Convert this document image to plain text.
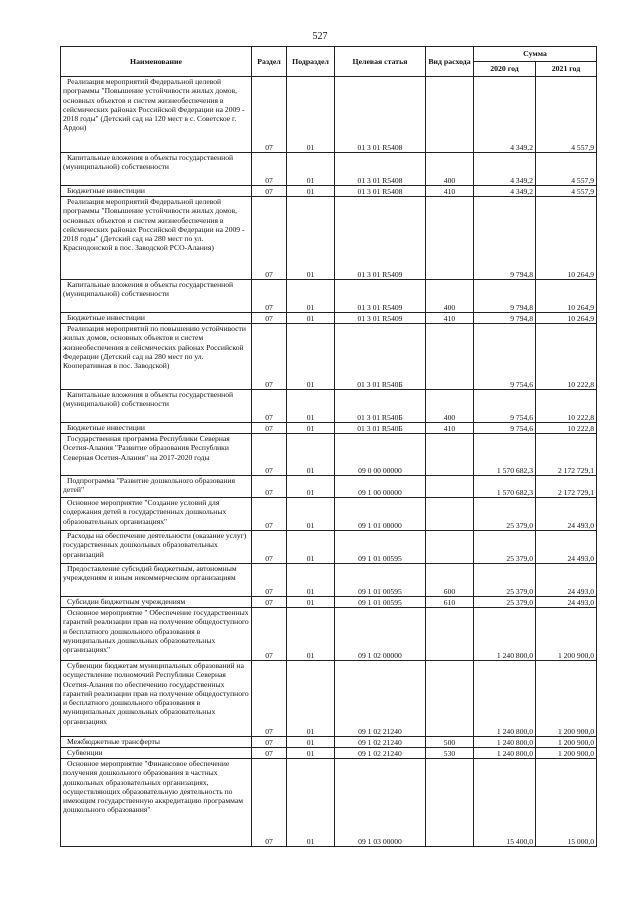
527
Наименование	Раздел	Подраздел	Целевая статья	Вид расхода	Сумма	
					2020 год	2021 год

Реализация мероприятий Федеральной целевой программы "Повышение устойчивости жилых домов, основных объектов и систем жизнеобеспечения в сейсмических районах Российской Федерации на 2009 - 2018 годы" (Детский сад на 120 мест в с. Советское г. Ардон)	07	01	01 3 01 R5408		4 349,2	4 557,9

Капитальные вложения в объекты государственной (муниципальной) собственности	07	01	01 3 01 R5408	400	4 349,2	4 557,9

Бюджетные инвестиции	07	01	01 3 01 R5408	410	4 349,2	4 557,9

Реализация мероприятий Федеральной целевой программы "Повышение устойчивости жилых домов, основных объектов и систем жизнеобеспечения в сейсмических районах Российской Федерации на 2009 - 2018 годы" (Детский сад на 280 мест по ул. Краснодонской в пос. Заводской РСО-Алания)	07	01	01 3 01 R5409		9 794,8	10 264,9

Капитальные вложения в объекты государственной (муниципальной) собственности	07	01	01 3 01 R5409	400	9 794,8	10 264,9

Бюджетные инвестиции	07	01	01 3 01 R5409	410	9 794,8	10 264,9

Реализация мероприятий по повышению устойчивости жилых домов, основных объектов и систем жизнеобеспечения в сейсмических районах Российской Федерации (Детский сад на 280 мест по ул. Кооперативная в пос. Заводской)	07	01	01 3 01 R540Б		9 754,6	10 222,8

Капитальные вложения в объекты государственной (муниципальной) собственности	07	01	01 3 01 R540Б	400	9 754,6	10 222,8

Бюджетные инвестиции	07	01	01 3 01 R540Б	410	9 754,6	10 222,8

Государственная программа Республики Северная Осетия-Алания "Развитие образования Республики Северная Осетия-Алания" на 2017-2020 годы	07	01	09 0 00 00000		1 570 682,3	2 172 729,1

Подпрограмма "Развитие дошкольного образования детей"	07	01	09 1 00 00000		1 570 682,3	2 172 729,1

Основное мероприятие "Создание условий для содержания детей в государственных дошкольных образовательных организациях"	07	01	09 1 01 00000		25 379,0	24 493,0

Расходы на обеспечение деятельности (оказание услуг) государственных дошкольных образовательных организаций	07	01	09 1 01 00595		25 379,0	24 493,0

Предоставление субсидий бюджетным, автономным учреждениям и иным некоммерческим организациям	07	01	09 1 01 00595	600	25 379,0	24 493,0

Субсидии бюджетным учреждениям	07	01	09 1 01 00595	610	25 379,0	24 493,0

Основное мероприятие " Обеспечение государственных гарантий реализации прав на получение общедоступного и бесплатного дошкольного образования в муниципальных дошкольных образовательных организациях"	07	01	09 1 02 00000		1 240 800,0	1 200 900,0

Субвенции бюджетам муниципальных образований на осуществление полномочий Республики Северная Осетия-Алания по обеспечению государственных гарантий реализации прав на получение общедоступного и бесплатного дошкольного образования в муниципальных дошкольных образовательных организациях	07	01	09 1 02 21240		1 240 800,0	1 200 900,0

Межбюджетные трансферты	07	01	09 1 02 21240	500	1 240 800,0	1 200 900,0

Субвенции	07	01	09 1 02 21240	530	1 240 800,0	1 200 900,0

Основное мероприятие "Финансовое обеспечение получения дошкольного образования в частных дошкольных образовательных организациях, осуществляющих образовательную деятельность по имеющим государственную аккредитацию программам дошкольного образования"	07	01	09 1 03 00000		15 400,0	15 000,0
